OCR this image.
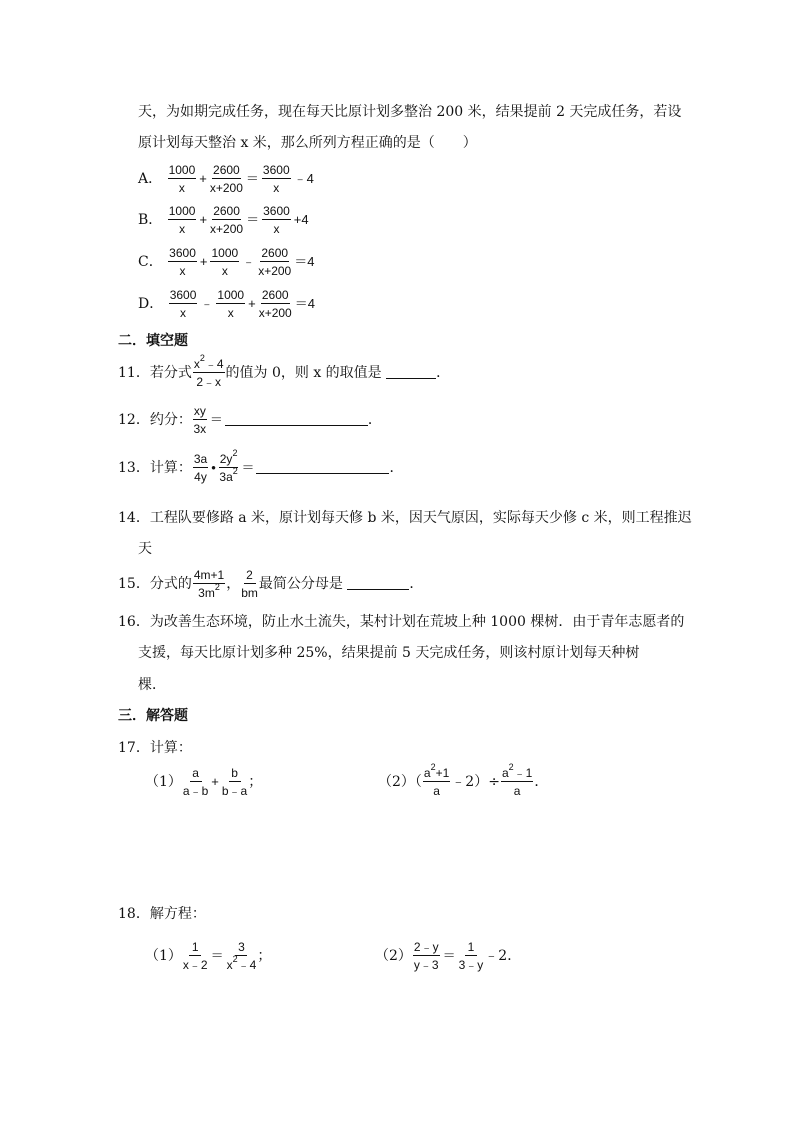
天，为如期完成任务，现在每天比原计划多整治 200 米，结果提前 2 天完成任务，若设
原计划每天整治 x 米，那么所列方程正确的是（　　）
A． $\frac{1000}{x} + \frac{2600}{x+200} = \frac{3600}{x}$ ﹣4
B． $\frac{1000}{x} + \frac{2600}{x+200} = \frac{3600}{x} +4$
C． $\frac{3600}{x} + \frac{1000}{x}$ ﹣ $\frac{2600}{x+200} =4$
D． $\frac{3600}{x}$ ﹣ $\frac{1000}{x} + \frac{2600}{x+200} =4$
二．填空题
11．若分式 $\frac{x^2﹣4}{2﹣x}$ 的值为 0，则 x 的取值是	．
12．约分： $\frac{xy}{3x}$ ＝	．
13．计算： $\frac{3a}{4y}$ • $\frac{2y^2}{3a^2}$ ＝	．
14．工程队要修路 a 米，原计划每天修 b 米，因天气原因，实际每天少修 c 米，则工程推迟
天
15．分式的 $\frac{4m+1}{3m^2}$ ， $\frac{2}{bm}$ 最简公分母是	．
16．为改善生态环境，防止水土流失，某村计划在荒坡上种 1000 棵树．由于青年志愿者的
支援，每天比原计划多种 25%，结果提前 5 天完成任务，则该村原计划每天种树
棵．
三．解答题
17．计算：
$(1) \frac{a}{a﹣b} + \frac{b}{b﹣a}$ ；	$(2)( \frac{a^2+1}{a}$ ﹣2）÷ $\frac{a^2﹣1}{a}$ ．
18．解方程：
$(1) \frac{1}{x﹣2} = \frac{3}{x^2﹣4}$ ；	$(2) \frac{2﹣y}{y﹣3} = \frac{1}{3﹣y}$ ﹣2．
